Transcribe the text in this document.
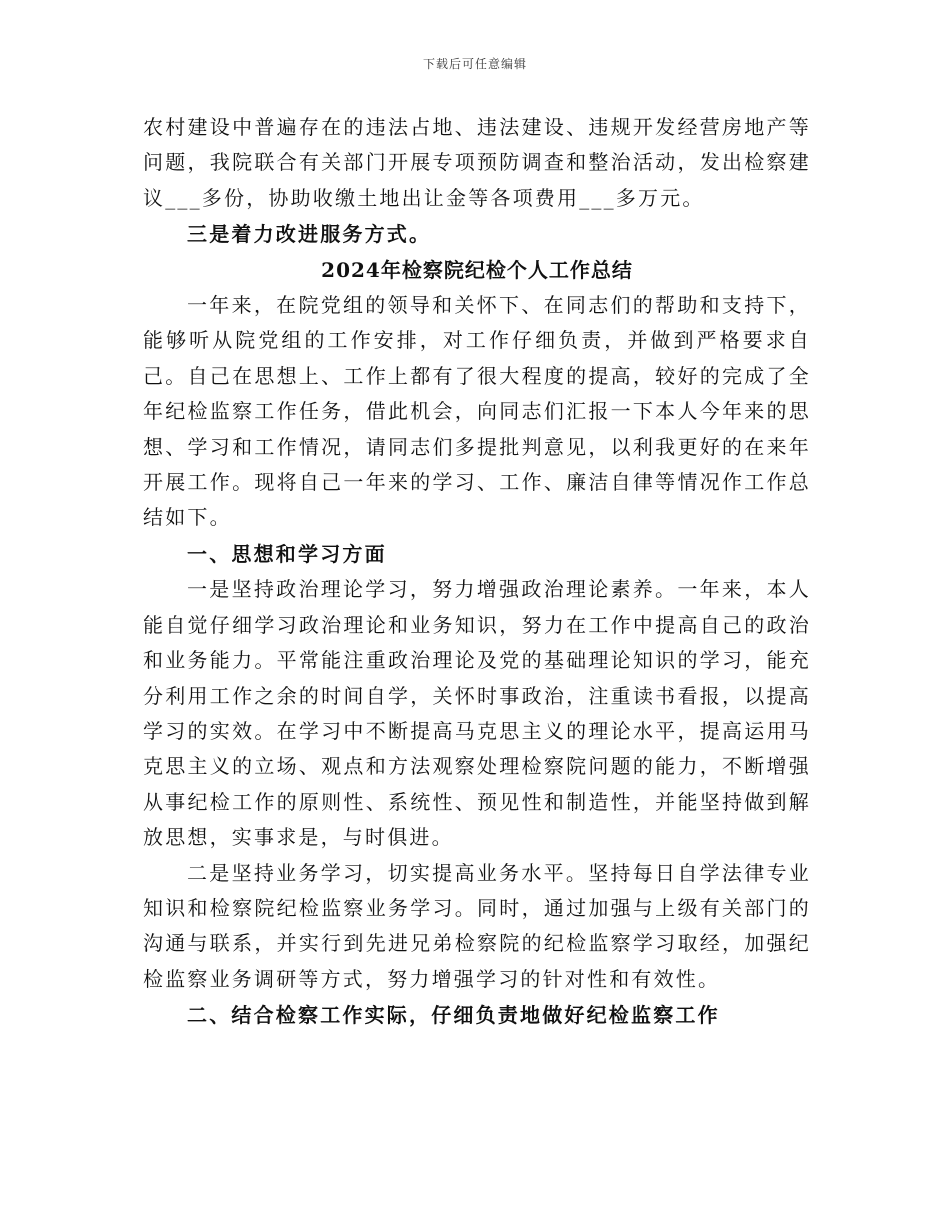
下载后可任意编辑

农村建设中普遍存在的违法占地、违法建设、违规开发经营房地产等问题，我院联合有关部门开展专项预防调查和整治活动，发出检察建议___多份，协助收缴土地出让金等各项费用___多万元。

三是着力改进服务方式。

2024年检察院纪检个人工作总结

一年来，在院党组的领导和关怀下、在同志们的帮助和支持下，能够听从院党组的工作安排，对工作仔细负责，并做到严格要求自己。自己在思想上、工作上都有了很大程度的提高，较好的完成了全年纪检监察工作任务，借此机会，向同志们汇报一下本人今年来的思想、学习和工作情况，请同志们多提批判意见，以利我更好的在来年开展工作。现将自己一年来的学习、工作、廉洁自律等情况作工作总结如下。

一、思想和学习方面

一是坚持政治理论学习，努力增强政治理论素养。一年来，本人能自觉仔细学习政治理论和业务知识，努力在工作中提高自己的政治和业务能力。平常能注重政治理论及党的基础理论知识的学习，能充分利用工作之余的时间自学，关怀时事政治，注重读书看报，以提高学习的实效。在学习中不断提高马克思主义的理论水平，提高运用马克思主义的立场、观点和方法观察处理检察院问题的能力，不断增强从事纪检工作的原则性、系统性、预见性和制造性，并能坚持做到解放思想，实事求是，与时俱进。

二是坚持业务学习，切实提高业务水平。坚持每日自学法律专业知识和检察院纪检监察业务学习。同时，通过加强与上级有关部门的沟通与联系，并实行到先进兄弟检察院的纪检监察学习取经，加强纪检监察业务调研等方式，努力增强学习的针对性和有效性。

二、结合检察工作实际，仔细负责地做好纪检监察工作
